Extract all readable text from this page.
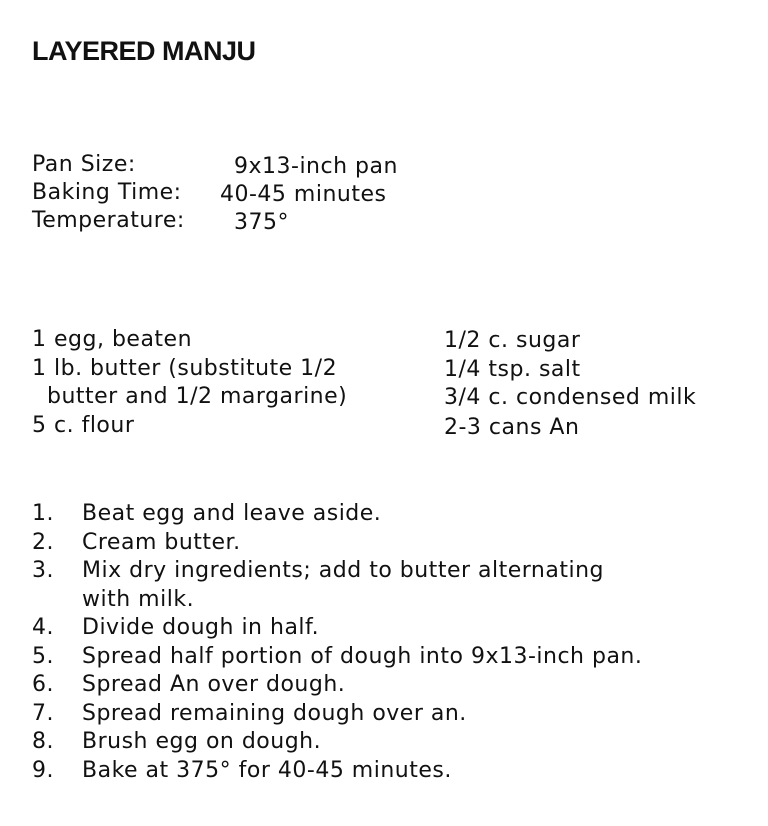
LAYERED MANJU
Pan Size:	9x13-inch pan
Baking Time: 40-45 minutes
Temperature: 375°
1 egg, beaten
1 lb. butter (substitute 1/2
butter and 1/2 margarine)
5 c. flour
1/2 c. sugar
1/4 tsp. salt
3/4 c. condensed milk
2-3 cans An
1. Beat egg and leave aside.
2. Cream butter.
3. Mix dry ingredients; add to butter alternating
with milk.
4. Divide dough in half.
5. Spread half portion of dough into 9x13-inch pan.
6. Spread An over dough.
7. Spread remaining dough over an.
8. Brush egg on dough.
9. Bake at 375° for 40-45 minutes.
